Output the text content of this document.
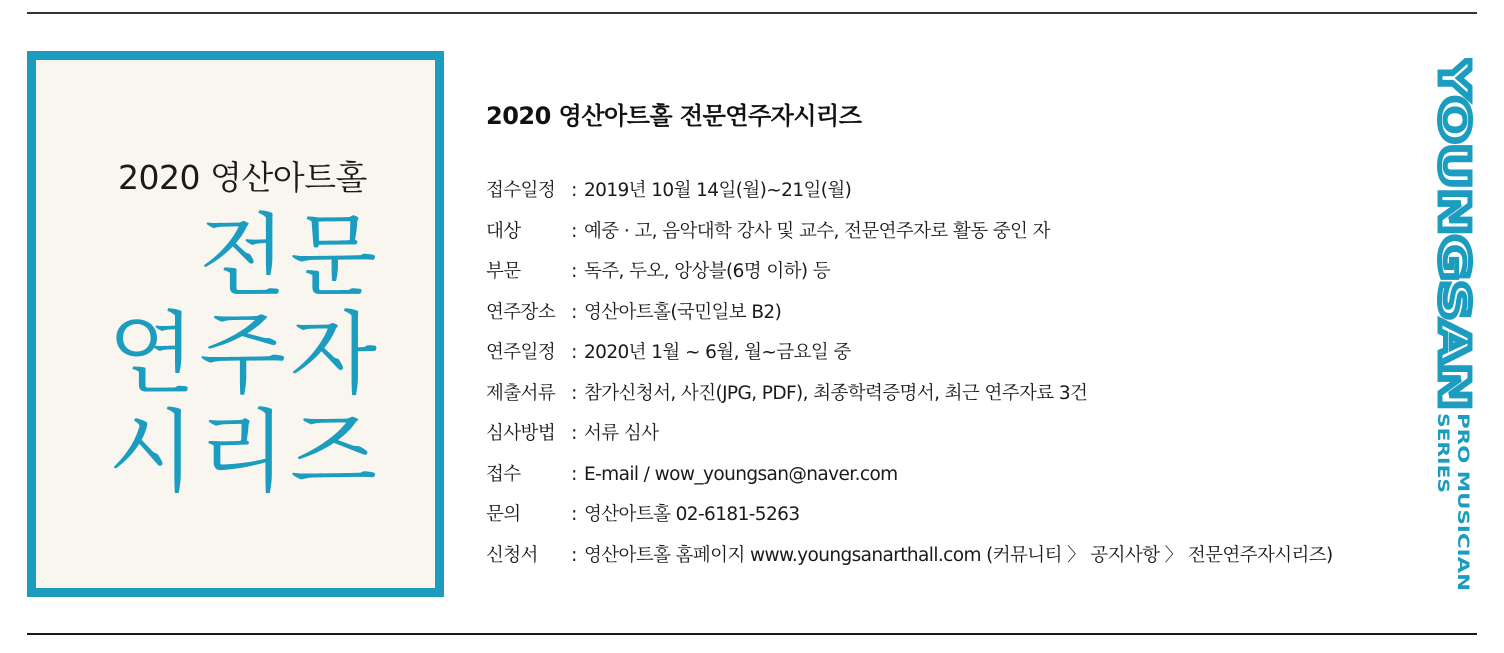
2020 영산아트홀
전문
연주자
시리즈
2020 영산아트홀 전문연주자시리즈
접수일정 : 2019년 10월 14일(월)~21일(월)
대상	: 예중 · 고, 음악대학 강사 및 교수, 전문연주자로 활동 중인 자
부문	: 독주, 두오, 앙상블(6명 이하) 등
연주장소 : 영산아트홀(국민일보 B2)
연주일정 : 2020년 1월 ~ 6월, 월~금요일 중
제출서류 : 참가신청서, 사진(JPG, PDF), 최종학력증명서, 최근 연주자료 3건
심사방법 : 서류 심사
접수	: E-mail / wow_youngsan@naver.com
문의	: 영산아트홀 02-6181-5263
신청서	: 영산아트홀 홈페이지 www.youngsanarthall.com (커뮤니티 〉 공지사항 〉 전문연주자시리즈)
YOUNGSAN
PRO MUSICIAN
SERIES
